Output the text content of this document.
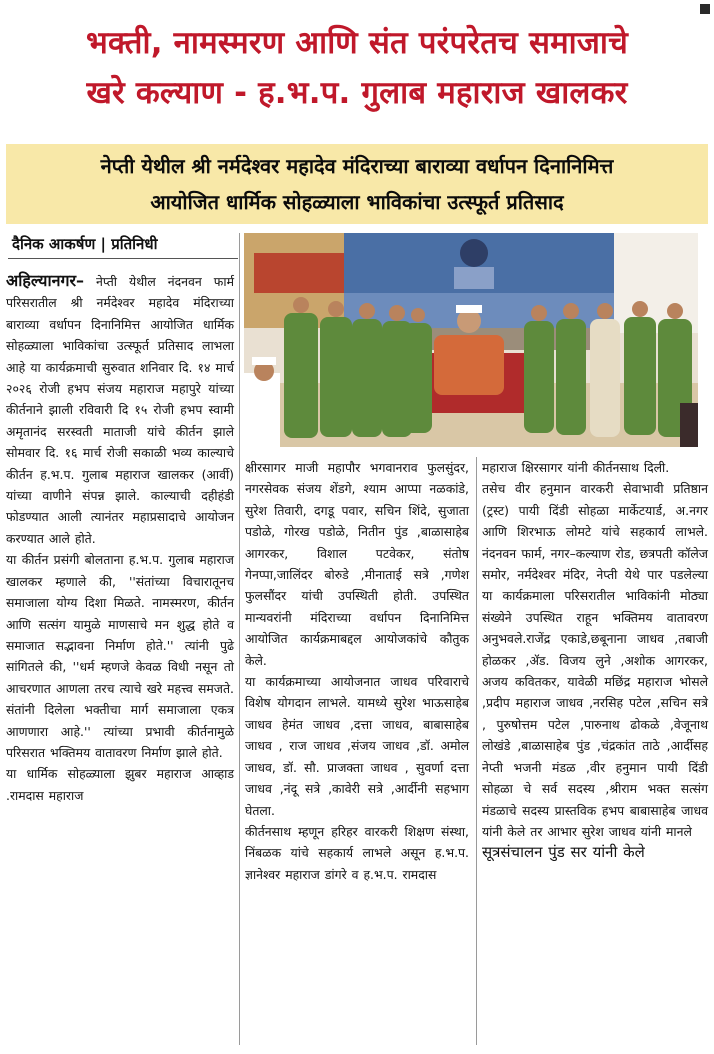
भक्ती, नामस्मरण आणि संत परंपरेतच समाजाचे
खरे कल्याण - ह.भ.प. गुलाब महाराज खालकर
नेप्ती येथील श्री नर्मदेश्वर महादेव मंदिराच्या बाराव्या वर्धापन दिनानिमित्त
आयोजित धार्मिक सोहळ्याला भाविकांचा उत्स्फूर्त प्रतिसाद
दैनिक आकर्षण | प्रतिनिधी

अहिल्यानगर– नेप्ती येथील नंदनवन फार्म परिसरातील श्री नर्मदेश्वर महादेव मंदिराच्या बाराव्या वर्धापन दिनानिमित्त आयोजित धार्मिक सोहळ्याला भाविकांचा उत्स्फूर्त प्रतिसाद लाभला आहे या कार्यक्रमाची सुरुवात शनिवार दि. १४ मार्च २०२६ रोजी हभप संजय महाराज महापुरे यांच्या कीर्तनाने झाली रविवारी दि १५ रोजी हभप स्वामी अमृतानंद सरस्वती माताजी यांचे कीर्तन झाले सोमवार दि. १६ मार्च रोजी सकाळी भव्य काल्याचे कीर्तन ह.भ.प. गुलाब महाराज खालकर (आर्वी) यांच्या वाणीने संपन्न झाले. काल्याची दहीहंडी फोडण्यात आली त्यानंतर महाप्रसादाचे आयोजन करण्यात आले होते.

या कीर्तन प्रसंगी बोलताना ह.भ.प. गुलाब महाराज खालकर म्हणाले की, ''संतांच्या विचारातूनच समाजाला योग्य दिशा मिळते. नामस्मरण, कीर्तन आणि सत्संग यामुळे माणसाचे मन शुद्ध होते व समाजात सद्भावना निर्माण होते.'' त्यांनी पुढे सांगितले की, ''धर्म म्हणजे केवळ विधी नसून तो आचरणात आणला तरच त्याचे खरे महत्त्व समजते. संतांनी दिलेला भक्तीचा मार्ग समाजाला एकत्र आणणारा आहे.'' त्यांच्या प्रभावी कीर्तनामुळे परिसरात भक्तिमय वातावरण निर्माण झाले होते.

या धार्मिक सोहळ्याला झुबर महाराज आव्हाड .रामदास महाराज

क्षीरसागर माजी महापौर भगवानराव फुलसुंदर, नगरसेवक संजय शेंडगे, श्याम आप्पा नळकांडे, सुरेश तिवारी, दगडू पवार, सचिन शिंदे, सुजाता पडोळे, गोरख पडोळे, नितीन पुंड ,बाळासाहेब आगरकर, विशाल पटवेकर, संतोष गेनप्पा,जालिंदर बोरुडे ,मीनाताई सत्रे ,गणेश फुलसौंदर यांची उपस्थिती होती. उपस्थित मान्यवरांनी मंदिराच्या वर्धापन दिनानिमित्त आयोजित कार्यक्रमाबद्दल आयोजकांचे कौतुक केले.

या कार्यक्रमाच्या आयोजनात जाधव परिवाराचे विशेष योगदान लाभले. यामध्ये सुरेश भाऊसाहेब जाधव हेमंत जाधव ,दत्ता जाधव, बाबासाहेब जाधव , राज जाधव ,संजय जाधव ,डॉ. अमोल जाधव, डॉ. सौ. प्राजक्ता जाधव , सुवर्णा दत्ता जाधव ,नंदू सत्रे ,कावेरी सत्रे ,आर्दीनी सहभाग घेतला.

कीर्तनसाथ म्हणून हरिहर वारकरी शिक्षण संस्था, निंबळक यांचे सहकार्य लाभले असून ह.भ.प. ज्ञानेश्वर महाराज डांगरे व ह.भ.प. रामदास

महाराज क्षिरसागर यांनी कीर्तनसाथ दिली.

तसेच वीर हनुमान वारकरी सेवाभावी प्रतिष्ठान (ट्रस्ट) पायी दिंडी सोहळा मार्केटयार्ड, अ.नगर आणि शिरभाऊ लोमटे यांचे सहकार्य लाभले. नंदनवन फार्म, नगर–कल्याण रोड, छत्रपती कॉलेज समोर, नर्मदेश्वर मंदिर, नेप्ती येथे पार पडलेल्या या कार्यक्रमाला परिसरातील भाविकांनी मोठ्या संख्येने उपस्थित राहून भक्तिमय वातावरण अनुभवले.राजेंद्र एकाडे,छबूनाना जाधव ,तबाजी होळकर ,ॲड. विजय लुने ,अशोक आगरकर, अजय कवितकर, यावेळी मछिंद्र महाराज भोसले ,प्रदीप महाराज जाधव ,नरसिह पटेल ,सचिन सत्रे , पुरुषोत्तम पटेल ,पारुनाथ ढोकळे ,वेजूनाथ लोखंडे ,बाळासाहेब पुंड ,चंद्रकांत ताठे ,आर्दीसह नेप्ती भजनी मंडळ ,वीर हनुमान पायी दिंडी सोहळा चे सर्व सदस्य ,श्रीराम भक्त सत्संग मंडळाचे सदस्य प्रास्तविक हभप बाबासाहेब जाधव यांनी केले तर आभार सुरेश जाधव यांनी मानले

सूत्रसंचालन पुंड सर यांनी केले
